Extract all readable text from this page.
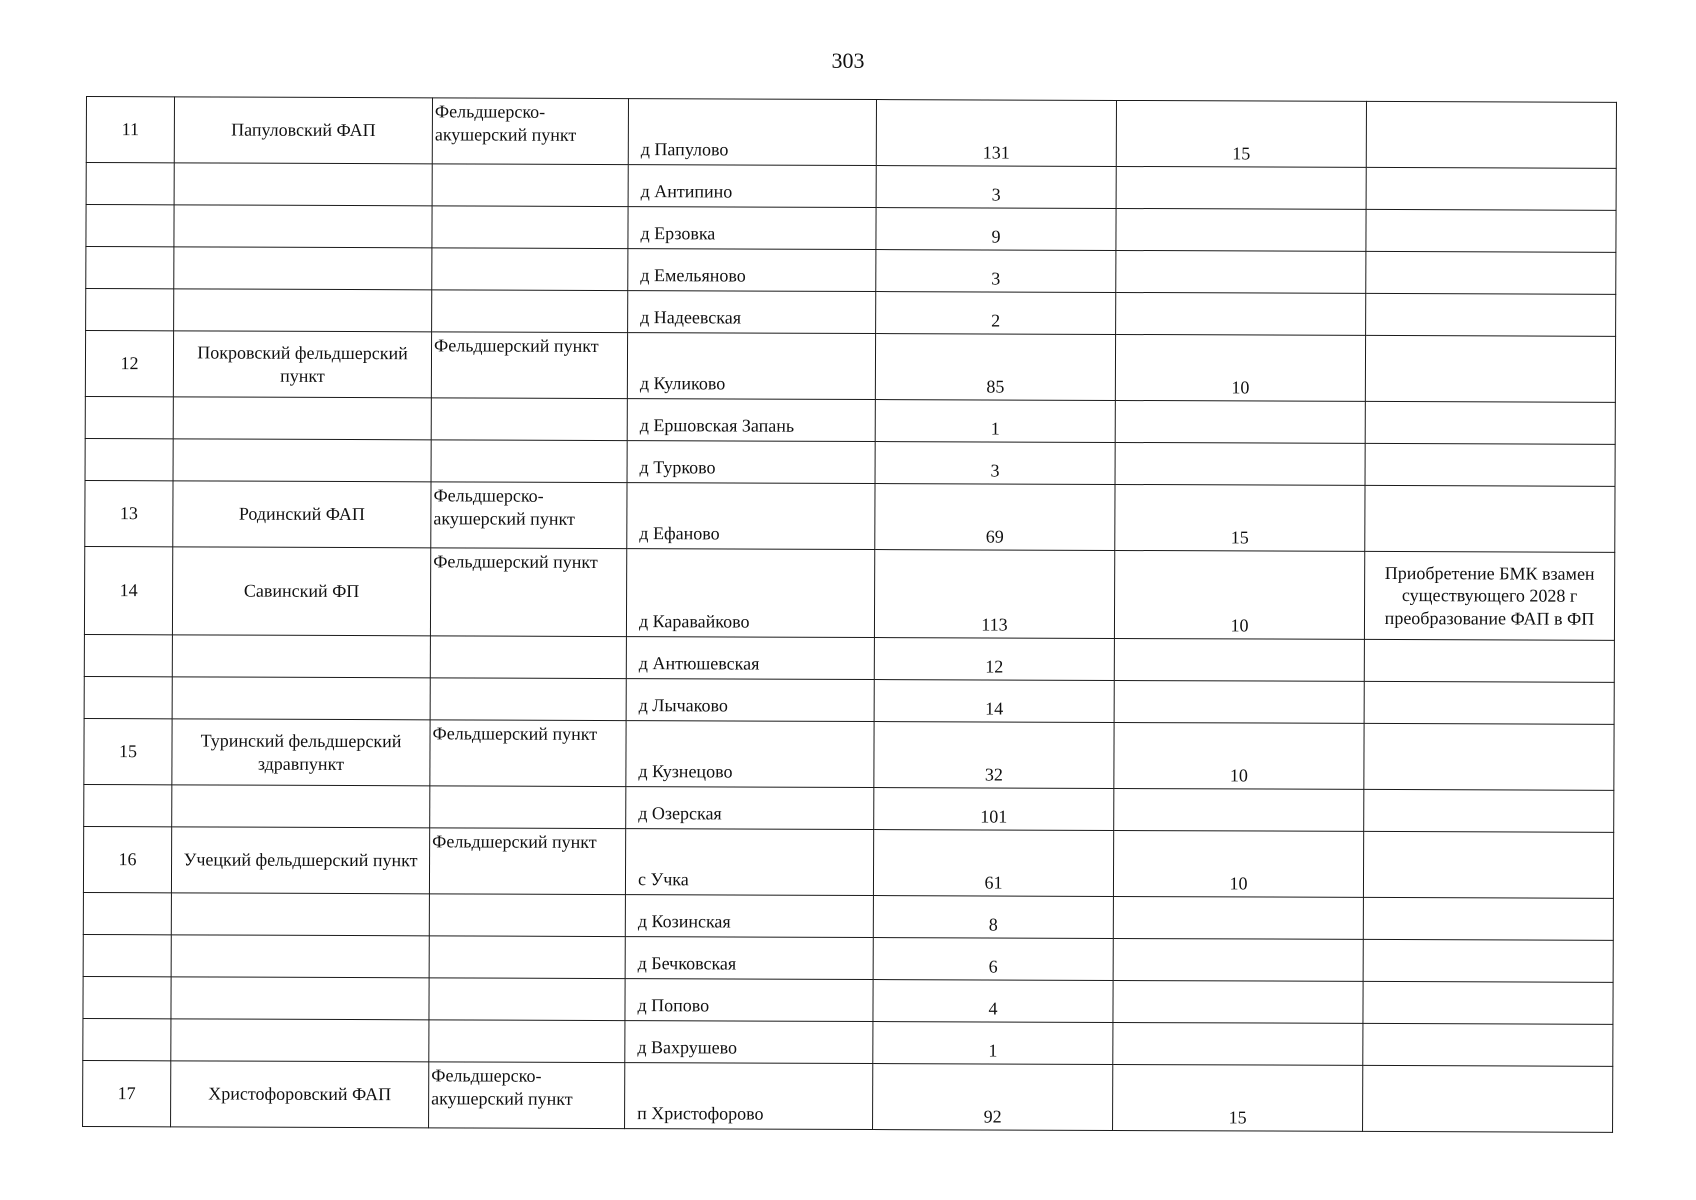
303
11	Папуловский ФАП	Фельдшерско-акушерский пункт	д Папулово	131	15	
			д Антипино	3		
			д Ерзовка	9		
			д Емельяново	3		
			д Надеевская	2		
12	Покровский фельдшерский пункт	Фельдшерский пункт	д Куликово	85	10	
			д Ершовская Запань	1		
			д Турково	3		
13	Родинский ФАП	Фельдшерско-акушерский пункт	д Ефаново	69	15	
14	Савинский ФП	Фельдшерский пункт	д Каравайково	113	10	Приобретение БМК взамен существующего 2028 г преобразование ФАП в ФП
			д Антюшевская	12		
			д Лычаково	14		
15	Туринский фельдшерский здравпункт	Фельдшерский пункт	д Кузнецово	32	10	
			д Озерская	101		
16	Учецкий фельдшерский пункт	Фельдшерский пункт	с Учка	61	10	
			д Козинская	8		
			д Бечковская	6		
			д Попово	4		
			д Вахрушево	1		
17	Христофоровский ФАП	Фельдшерско-акушерский пункт	п Христофорово	92	15	
